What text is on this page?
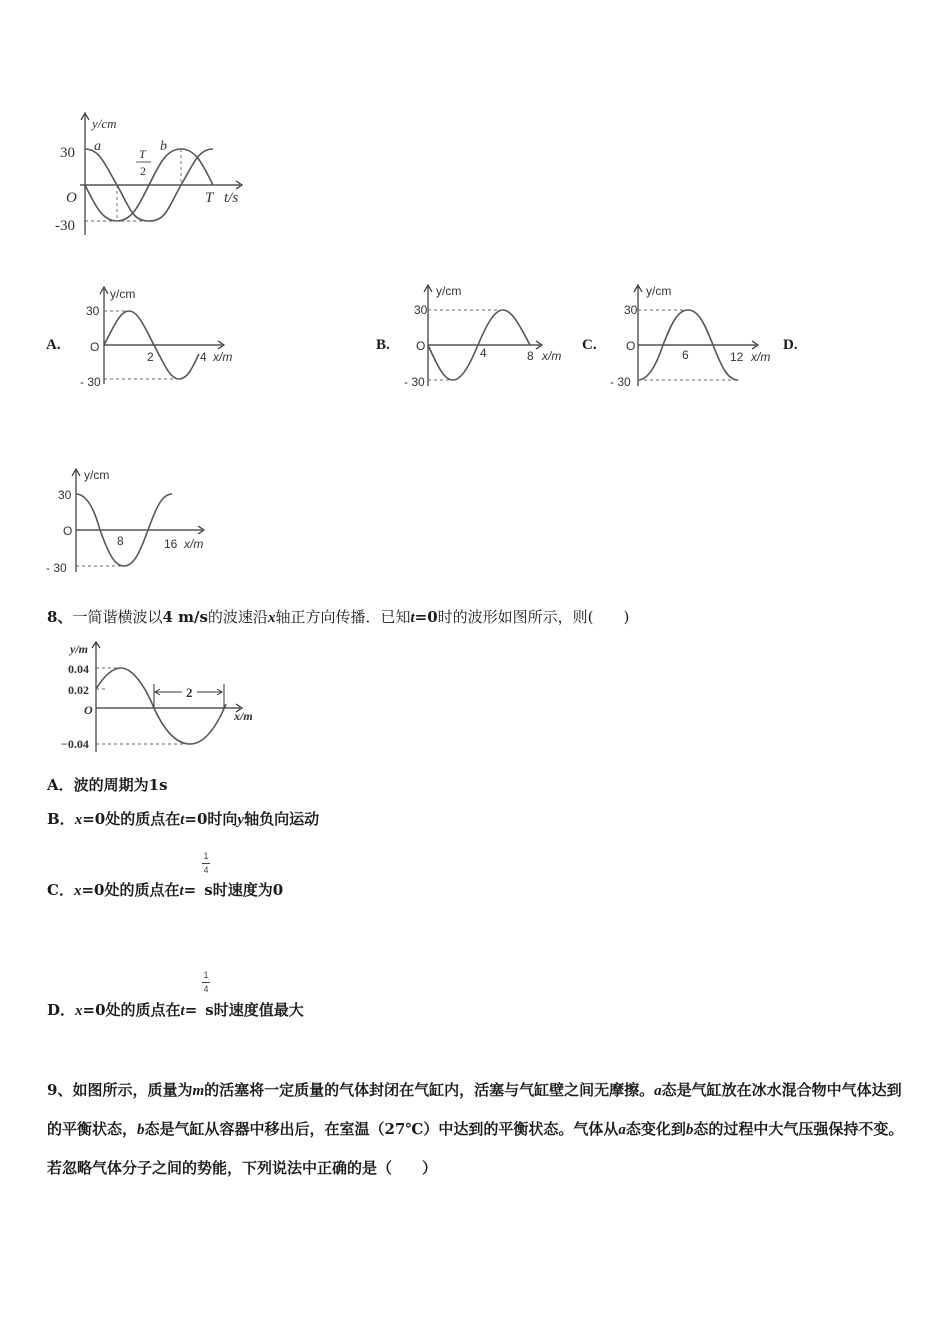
y/cm
30
-30
O
a	b
T
2
T t/s
A.
y/cm
30
- 30
O
2	4 x/m
B.
y/cm
30
- 30
O	4	8 x/m
C.
y/cm
30
- 30
O
6	12 x/m
D.
y/cm
30
- 30
O
8	16 x/m
8、一简谐横波以4 m/s的波速沿x轴正方向传播．已知t=0时的波形如图所示，则(　　)
y/m
0.04
0.02
O
−0.04
2
x/m
A．波的周期为1s
B．x=0处的质点在t=0时向y轴负向运动
1
4
C．x=0处的质点在t= s时速度为0
1
4
D．x=0处的质点在t= s时速度值最大
9、如图所示，质量为m的活塞将一定质量的气体封闭在气缸内，活塞与气缸壁之间无摩擦。a态是气缸放在冰水混合物中气体达到的平衡状态，b态是气缸从容器中移出后，在室温（27℃）中达到的平衡状态。气体从a态变化到b态的过程中大气压强保持不变。若忽略气体分子之间的势能，下列说法中正确的是（　　）
